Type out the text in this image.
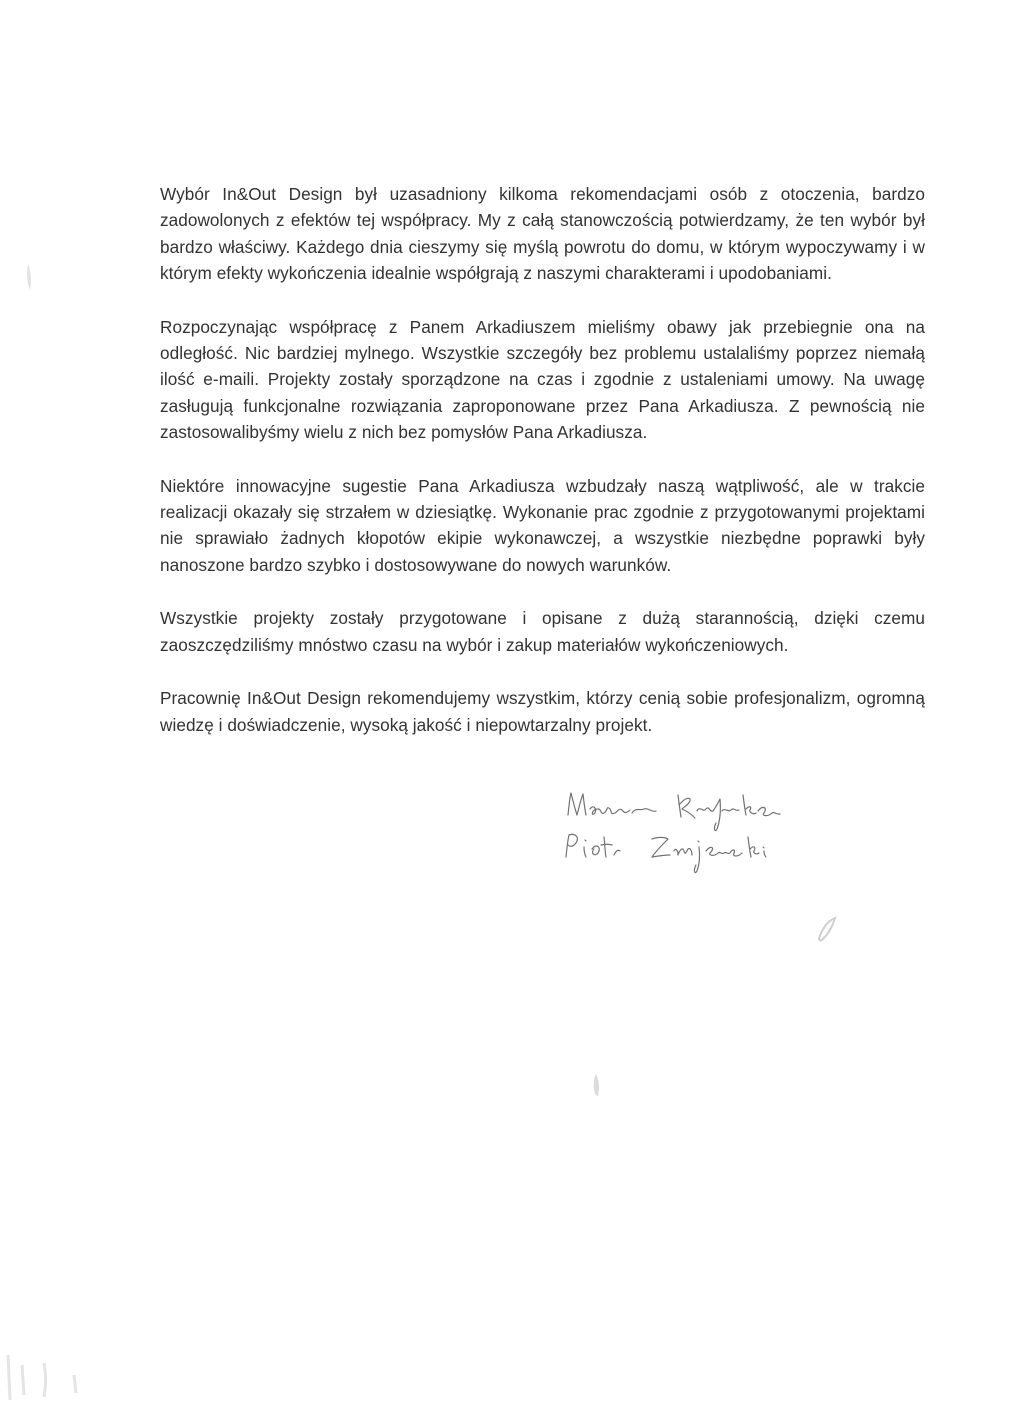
Wybór In&Out Design był uzasadniony kilkoma rekomendacjami osób z otoczenia, bardzo zadowolonych z efektów tej współpracy. My z całą stanowczością potwierdzamy, że ten wybór był bardzo właściwy. Każdego dnia cieszymy się myślą powrotu do domu, w którym wypoczywamy i w którym efekty wykończenia idealnie współgrają z naszymi charakterami i upodobaniami.

Rozpoczynając współpracę z Panem Arkadiuszem mieliśmy obawy jak przebiegnie ona na odległość. Nic bardziej mylnego. Wszystkie szczegóły bez problemu ustalaliśmy poprzez niemałą ilość e-maili. Projekty zostały sporządzone na czas i zgodnie z ustaleniami umowy. Na uwagę zasługują funkcjonalne rozwiązania zaproponowane przez Pana Arkadiusza. Z pewnością nie zastosowalibyśmy wielu z nich bez pomysłów Pana Arkadiusza.

Niektóre innowacyjne sugestie Pana Arkadiusza wzbudzały naszą wątpliwość, ale w trakcie realizacji okazały się strzałem w dziesiątkę. Wykonanie prac zgodnie z przygotowanymi projektami nie sprawiało żadnych kłopotów ekipie wykonawczej, a wszystkie niezbędne poprawki były nanoszone bardzo szybko i dostosowywane do nowych warunków.

Wszystkie projekty zostały przygotowane i opisane z dużą starannością, dzięki czemu zaoszczędziliśmy mnóstwo czasu na wybór i zakup materiałów wykończeniowych.

Pracownię In&Out Design rekomendujemy wszystkim, którzy cenią sobie profesjonalizm, ogromną wiedzę i doświadczenie, wysoką jakość i niepowtarzalny projekt.
